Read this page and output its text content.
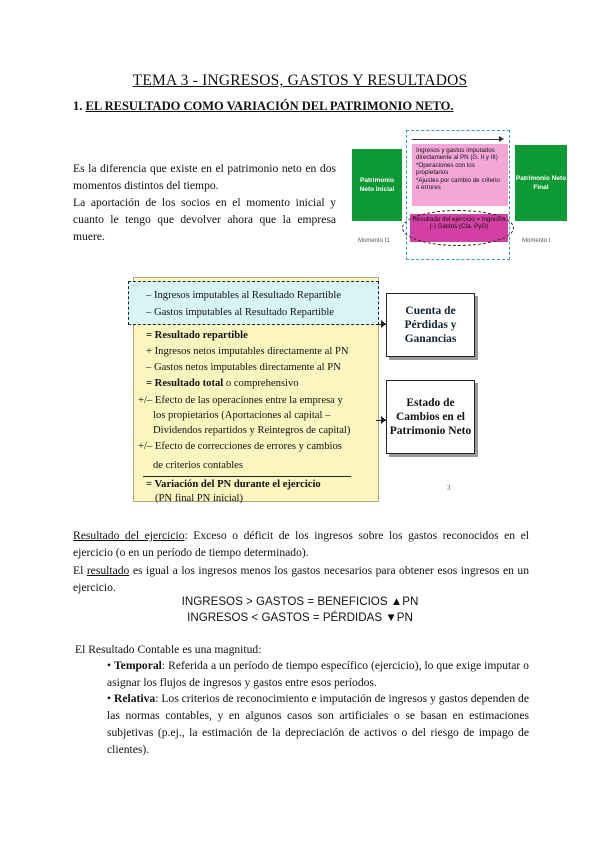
TEMA 3 - INGRESOS, GASTOS Y RESULTADOS
1. EL RESULTADO COMO VARIACIÓN DEL PATRIMONIO NETO.

Es la diferencia que existe en el patrimonio neto en dos momentos distintos del tiempo.

La aportación de los socios en el momento inicial y cuanto le tengo que devolver ahora que la empresa muere.

Patrimonio Neto Inicial
Patrimonio Neto Final
Ingresos y gastos imputados directamente al PN (G. II y III)
*Operaciones con los propietarios
*Ajustes por cambio de criterio o errores
Resultado del ejercicio = Ingresos (-) Gastos (Cta. PyG)
Momento t1	Momento t
– Ingresos imputables al Resultado Repartible
– Gastos imputables al Resultado Repartible
= Resultado repartible
+ Ingresos netos imputables directamente al PN
– Gastos netos imputables directamente al PN
= Resultado total o comprehensivo
+/– Efecto de las operaciones entre la empresa y
los propietarios (Aportaciones al capital –
Dividendos repartidos y Reintegros de capital)
+/– Efecto de correcciones de errores y cambios
de criterios contables
= Variación del PN durante el ejercicio
(PN final PN inicial)
3
Cuenta de Pérdidas y Ganancias
Estado de Cambios en el Patrimonio Neto

Resultado del ejercicio: Exceso o déficit de los ingresos sobre los gastos reconocidos en el ejercicio (o en un período de tiempo determinado).

El resultado es igual a los ingresos menos los gastos necesarios para obtener esos ingresos en un ejercicio.

INGRESOS > GASTOS = BENEFICIOS ▲PN
INGRESOS < GASTOS = PÉRDIDAS ▼PN
El Resultado Contable es una magnitud:

• Temporal: Referida a un período de tiempo específico (ejercicio), lo que exige imputar o asignar los flujos de ingresos y gastos entre esos períodos.

• Relativa: Los criterios de reconocimiento e imputación de ingresos y gastos dependen de las normas contables, y en algunos casos son artificiales o se basan en estimaciones subjetivas (p.ej., la estimación de la depreciación de activos o del riesgo de impago de clientes).
